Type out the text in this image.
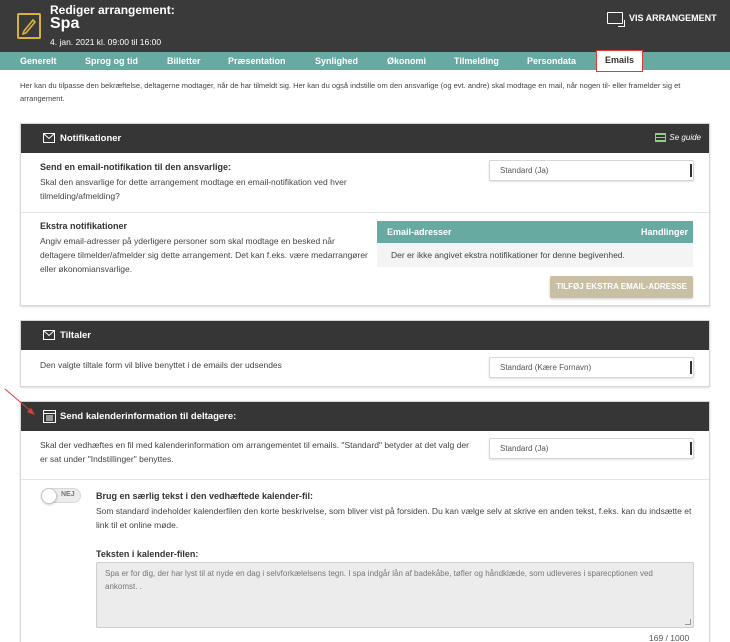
Rediger arrangement:
Spa
4. jan. 2021 kl. 09:00 til 16:00
VIS ARRANGEMENT
Generelt	Sprog og tid	Billetter	Præsentation	Synlighed	Økonomi	Tilmelding	Persondata	Emails
Her kan du tilpasse den bekræftelse, deltagerne modtager, når de har tilmeldt sig. Her kan du også indstille om den ansvarlige (og evt. andre) skal modtage en mail, når nogen til- eller framelder sig et arrangement.
Notifikationer	Se guide
Send en email-notifikation til den ansvarlige:
Skal den ansvarlige for dette arrangement modtage en email-notifikation ved hver tilmelding/afmelding?
Standard (Ja)
Ekstra notifikationer
Angiv email-adresser på yderligere personer som skal modtage en besked når deltagere tilmelder/afmelder sig dette arrangement. Det kan f.eks. være medarrangører eller økonomiansvarlige.
Email-adresser	Handlinger
Der er ikke angivet ekstra notifikationer for denne begivenhed.
TILFØJ EKSTRA EMAIL-ADRESSE
Tiltaler
Den valgte tiltale form vil blive benyttet i de emails der udsendes	Standard (Kære Fornavn)
Send kalenderinformation til deltagere:
Skal der vedhæftes en fil med kalenderinformation om arrangementet til emails. "Standard" betyder at det valg der er sat under "Indstillinger" benyttes.
Standard (Ja)
NEJ Brug en særlig tekst i den vedhæftede kalender-fil:
Som standard indeholder kalenderfilen den korte beskrivelse, som bliver vist på forsiden. Du kan vælge selv at skrive en anden tekst, f.eks. kan du indsætte et link til et online møde.
Teksten i kalender-filen:
Spa er for dig, der har lyst til at nyde en dag i selvforkælelsens tegn. I spa indgår lån af badekåbe, tøfler og håndklæde, som udleveres i sparecptionen ved ankomst. .
169 / 1000
